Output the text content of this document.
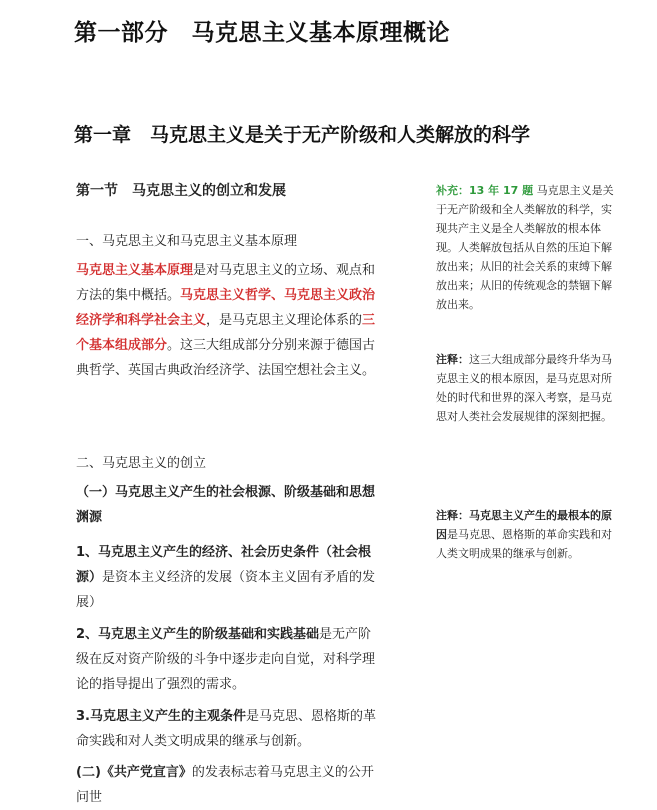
第一部分　马克思主义基本原理概论
第一章　马克思主义是关于无产阶级和人类解放的科学
第一节　马克思主义的创立和发展
一、马克思主义和马克思主义基本原理
马克思主义基本原理是对马克思主义的立场、观点和方法的集中概括。马克思主义哲学、马克思主义政治经济学和科学社会主义，是马克思主义理论体系的三个基本组成部分。这三大组成部分分别来源于德国古典哲学、英国古典政治经济学、法国空想社会主义。
二、马克思主义的创立
（一）马克思主义产生的社会根源、阶级基础和思想渊源
1、马克思主义产生的经济、社会历史条件（社会根源）是资本主义经济的发展（资本主义固有矛盾的发展）
2、马克思主义产生的阶级基础和实践基础是无产阶级在反对资产阶级的斗争中逐步走向自觉，对科学理论的指导提出了强烈的需求。
3.马克思主义产生的主观条件是马克思、恩格斯的革命实践和对人类文明成果的继承与创新。
(二)《共产党宣言》的发表标志着马克思主义的公开问世
补充：13 年 17 题 马克思主义是关于无产阶级和全人类解放的科学，实现共产主义是全人类解放的根本体现。人类解放包括从自然的压迫下解放出来；从旧的社会关系的束缚下解放出来；从旧的传统观念的禁锢下解放出来。
注释：这三大组成部分最终升华为马克思主义的根本原因，是马克思对所处的时代和世界的深入考察，是马克思对人类社会发展规律的深刻把握。
注释：马克思主义产生的最根本的原因是马克思、恩格斯的革命实践和对人类文明成果的继承与创新。
